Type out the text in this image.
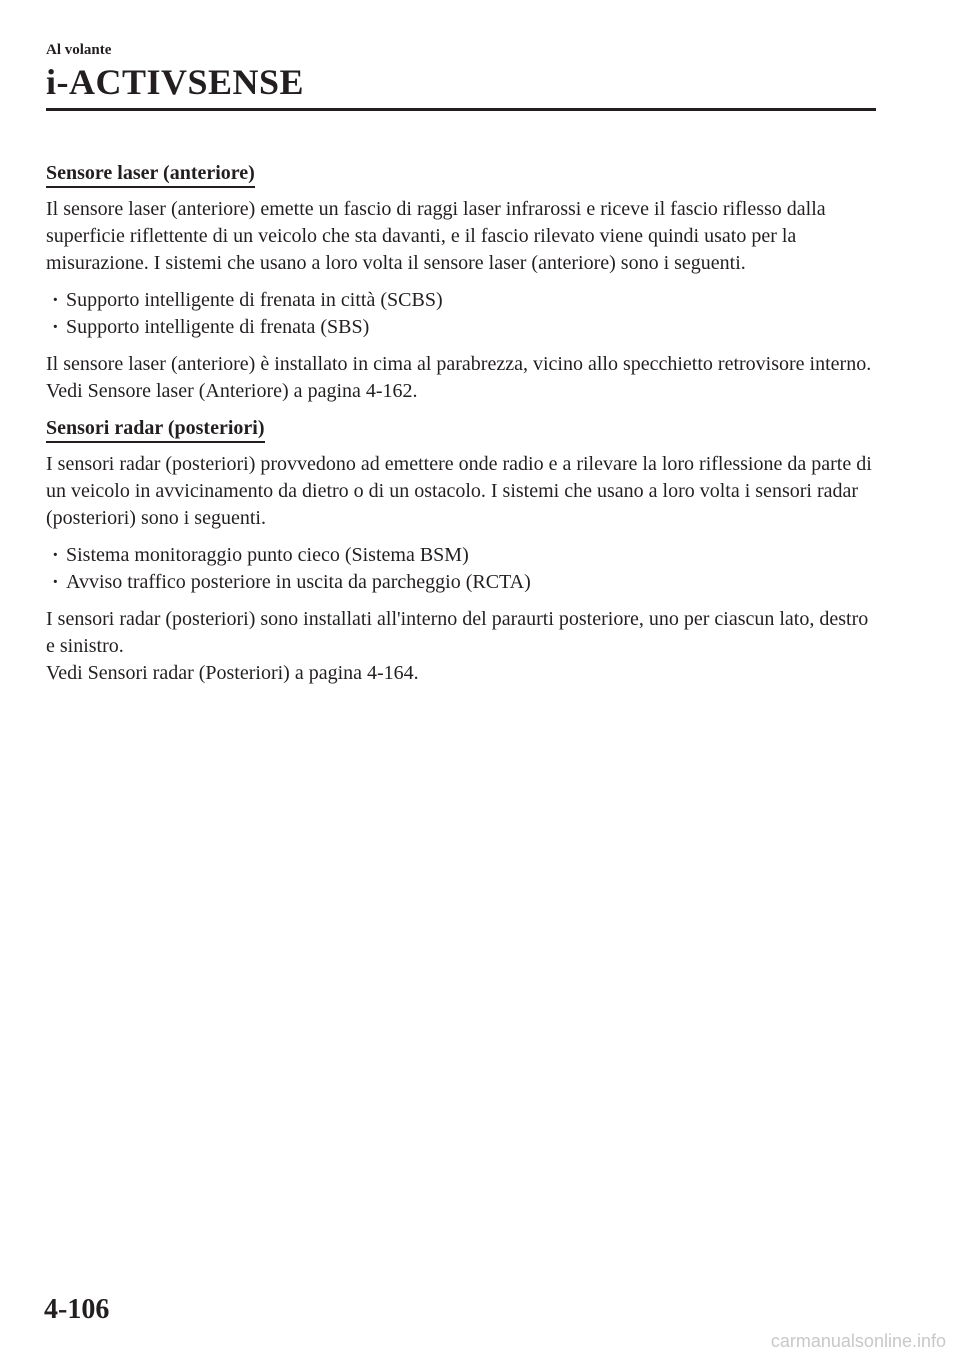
Al volante
i-ACTIVSENSE
Sensore laser (anteriore)

Il sensore laser (anteriore) emette un fascio di raggi laser infrarossi e riceve il fascio riflesso dalla superficie riflettente di un veicolo che sta davanti, e il fascio rilevato viene quindi usato per la misurazione. I sistemi che usano a loro volta il sensore laser (anteriore) sono i seguenti.

· Supporto intelligente di frenata in città (SCBS)
· Supporto intelligente di frenata (SBS)

Il sensore laser (anteriore) è installato in cima al parabrezza, vicino allo specchietto retrovisore interno.
Vedi Sensore laser (Anteriore) a pagina 4-162.

Sensori radar (posteriori)

I sensori radar (posteriori) provvedono ad emettere onde radio e a rilevare la loro riflessione da parte di un veicolo in avvicinamento da dietro o di un ostacolo. I sistemi che usano a loro volta i sensori radar (posteriori) sono i seguenti.

· Sistema monitoraggio punto cieco (Sistema BSM)
· Avviso traffico posteriore in uscita da parcheggio (RCTA)

I sensori radar (posteriori) sono installati all'interno del paraurti posteriore, uno per ciascun lato, destro e sinistro.
Vedi Sensori radar (Posteriori) a pagina 4-164.

4-106
carmanualsonline.info
